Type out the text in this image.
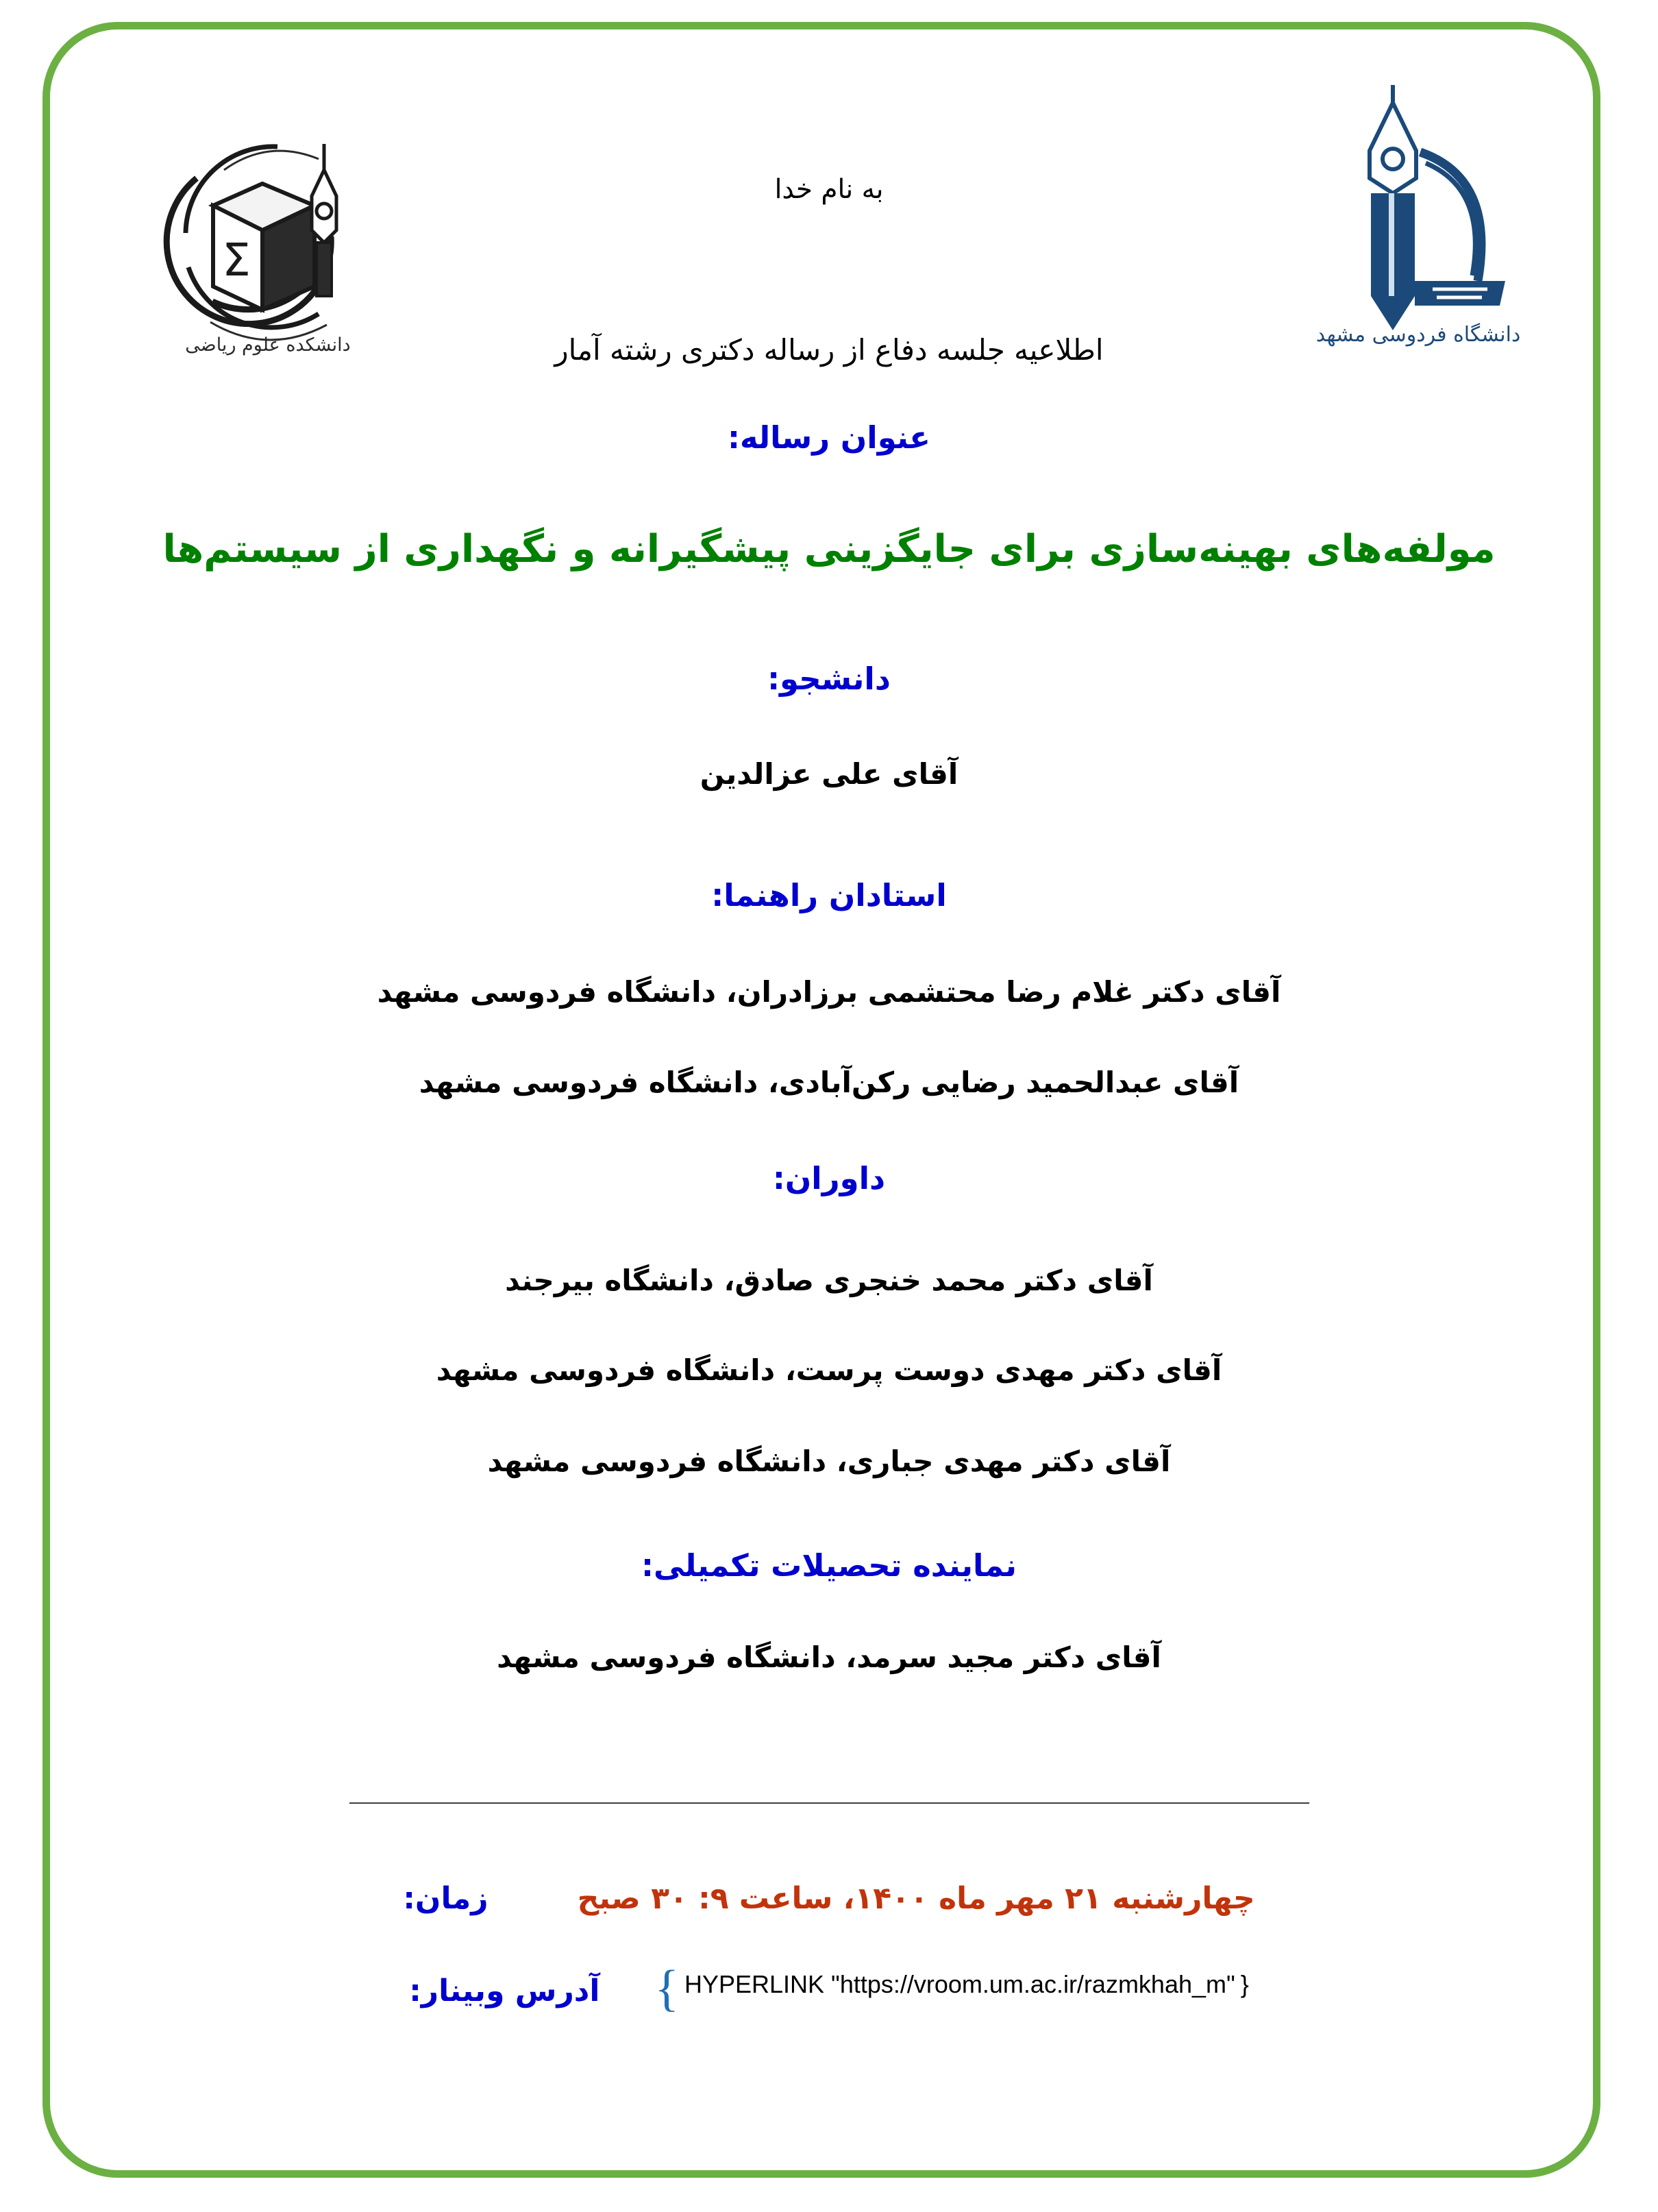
Σ
دانشکده علوم ریاضی	دانشگاه فردوسی مشهد
به نام خدا
اطلاعیه جلسه دفاع از رساله دکتری رشته آمار
عنوان رساله:
مولفه‌های بهینه‌سازی برای جایگزینی پیشگیرانه و نگهداری از سیستم‌ها
دانشجو:
آقای علی عزالدین
استادان راهنما:
آقای دکتر غلام رضا محتشمی برزادران، دانشگاه فردوسی مشهد
آقای عبدالحمید رضایی رکن‌آبادی، دانشگاه فردوسی مشهد
داوران:
آقای دکتر محمد خنجری صادق، دانشگاه بیرجند
آقای دکتر مهدی دوست پرست، دانشگاه فردوسی مشهد
آقای دکتر مهدی جباری، دانشگاه فردوسی مشهد
نماینده تحصیلات تکمیلی:
آقای دکتر مجید سرمد، دانشگاه فردوسی مشهد
________________________________________________________________
چهارشنبه ۲۱ مهر ماه ۱۴۰۰، ساعت ۹: ۳۰ صبح
زمان:
{ HYPERLINK "https://vroom.um.ac.ir/razmkhah_m" }
آدرس وبینار:
